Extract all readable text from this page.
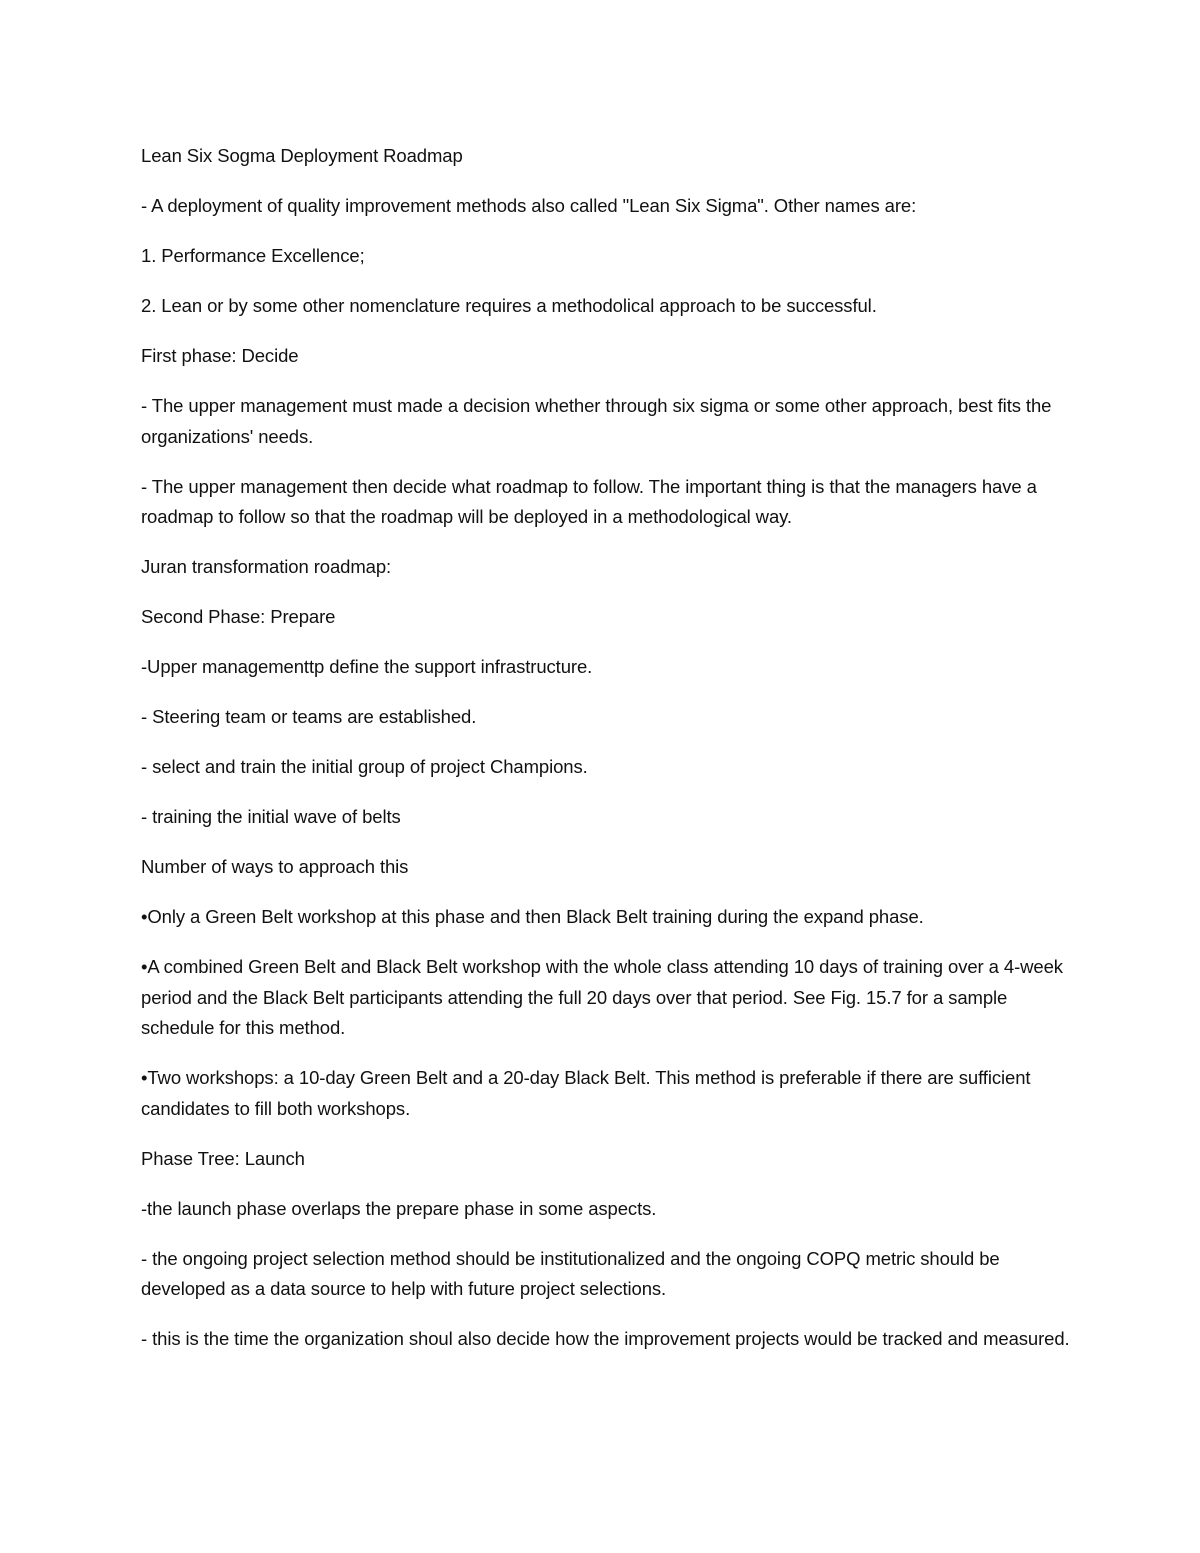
Lean Six Sogma Deployment Roadmap

- A deployment of quality improvement methods also called "Lean Six Sigma". Other names are:

1. Performance Excellence;

2. Lean or by some other nomenclature requires a methodolical approach to be successful.

First phase: Decide

- The upper management must made a decision whether through six sigma or some other approach, best fits the organizations' needs.

- The upper management then decide what roadmap to follow. The important thing is that the managers have a roadmap to follow so that the roadmap will be deployed in a methodological way.

Juran transformation roadmap:

Second Phase: Prepare

-Upper managementtp define the support infrastructure.

- Steering team or teams are established.

- select and train the initial group of project Champions.

- training the initial wave of belts

Number of ways to approach this

•Only a Green Belt workshop at this phase and then Black Belt training during the expand phase.

•A combined Green Belt and Black Belt workshop with the whole class attending 10 days of training over a 4-week period and the Black Belt participants attending the full 20 days over that period. See Fig. 15.7 for a sample schedule for this method.

•Two workshops: a 10-day Green Belt and a 20-day Black Belt. This method is preferable if there are sufficient candidates to fill both workshops.

Phase Tree: Launch

-the launch phase overlaps the prepare phase in some aspects.

- the ongoing project selection method should be institutionalized and the ongoing COPQ metric should be developed as a data source to help with future project selections.

- this is the time the organization shoul also decide how the improvement projects would be tracked and measured.
